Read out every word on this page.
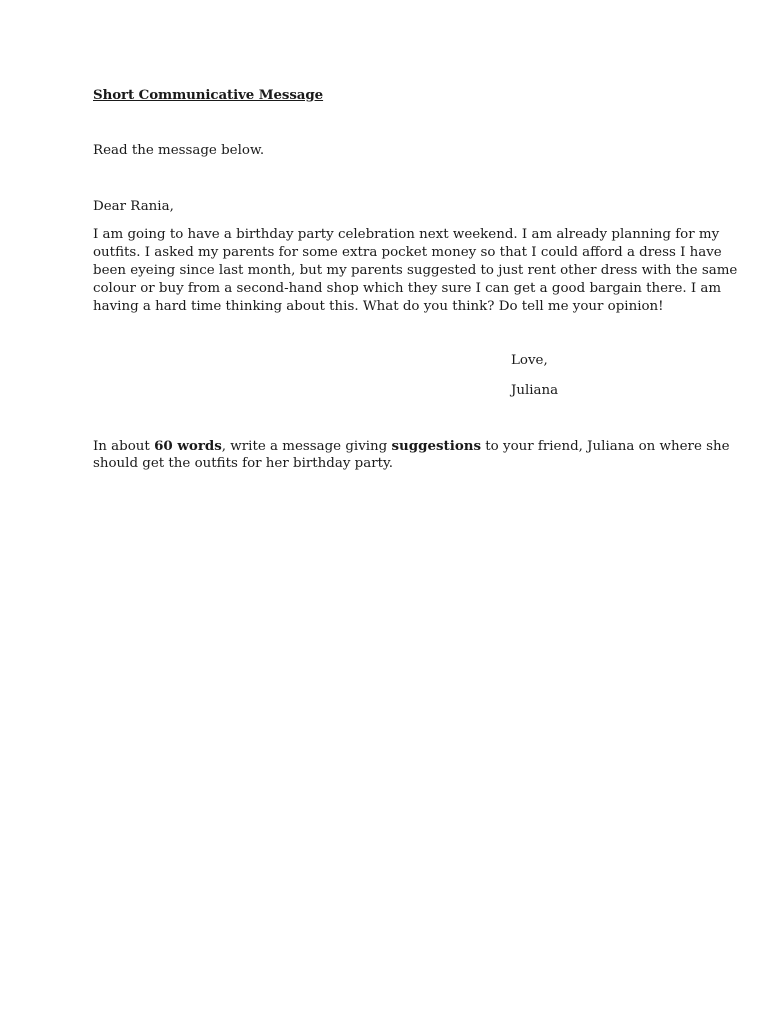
Short Communicative Message
Read the message below.
Dear Rania,
I am going to have a birthday party celebration next weekend. I am already planning for my
outfits. I asked my parents for some extra pocket money so that I could afford a dress I have
been eyeing since last month, but my parents suggested to just rent other dress with the same
colour or buy from a second-hand shop which they sure I can get a good bargain there. I am
having a hard time thinking about this. What do you think? Do tell me your opinion!
Love,
Juliana
In about 60 words, write a message giving suggestions to your friend, Juliana on where she
should get the outfits for her birthday party.
